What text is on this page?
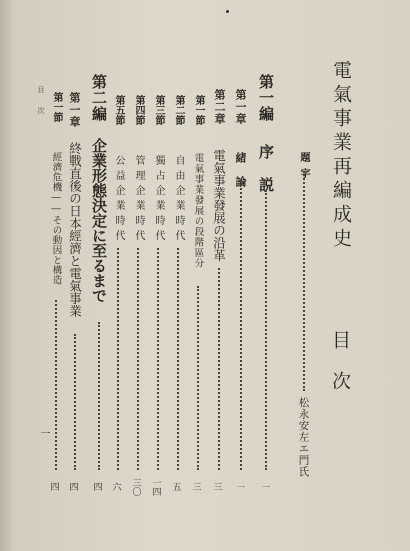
電氣事業再編成史
目 次
題字
松永安左エ門氏
第一編
序 説
一
第一章
緒 論
一
第二章
電氣事業發展の沿革
三
第一節
電氣事業發展の段階區分
三
第二節
自由企業時代
五
第三節
獨占企業時代
一四
第四節
管理企業時代
三〇
第五節
公益企業時代
六
第二編
企業形態決定に至るまで
四
第一章
終戰直後の日本經濟と電氣事業
四
第一節
經濟危機――その動因と構造
四
目 次
一
